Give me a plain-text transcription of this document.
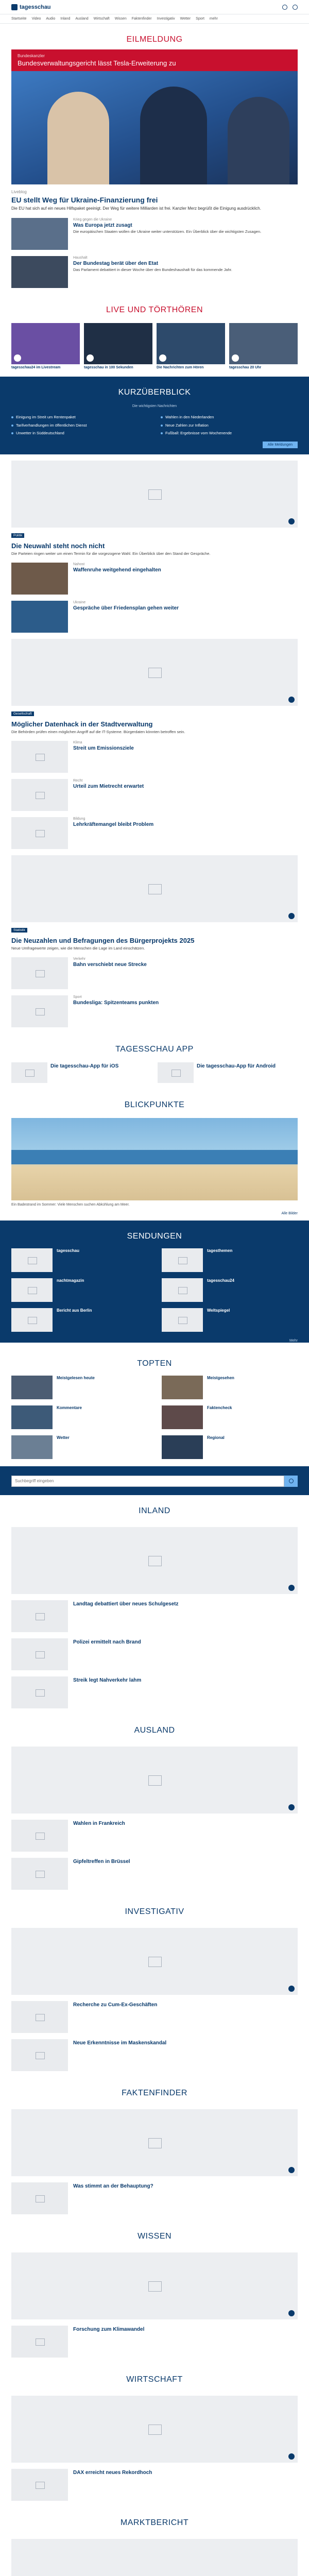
tagesschau
Startseite Video Audio Inland Ausland Wirtschaft Wissen Faktenfinder Investigativ Wetter Sport mehr
EILMELDUNG
Bundeskanzler
Bundesverwaltungsgericht lässt Tesla-Erweiterung zu
Liveblog
EU stellt Weg für Ukraine-Finanzierung frei
Die EU hat sich auf ein neues Hilfspaket geeinigt. Der Weg für weitere Milliarden ist frei. Kanzler Merz begrüßt die Einigung ausdrücklich.
Krieg gegen die Ukraine
Was Europa jetzt zusagt
Die europäischen Staaten wollen die Ukraine weiter unterstützen. Ein Überblick über die wichtigsten Zusagen.
Haushalt
Der Bundestag berät über den Etat
Das Parlament debattiert in dieser Woche über den Bundeshaushalt für das kommende Jahr.
LIVE UND TÖRTHÖREN
tagesschau24 im Livestream	tagesschau in 100 Sekunden	Die Nachrichten zum Hören	tagesschau 20 Uhr
KURZÜBERBLICK
Die wichtigsten Nachrichten
Einigung im Streit um Rentenpaket
Tarifverhandlungen im öffentlichen Dienst
Unwetter in Süddeutschland
Wahlen in den Niederlanden
Neue Zahlen zur Inflation
Fußball: Ergebnisse vom Wochenende
Alle Meldungen
Politik
Die Neuwahl steht noch nicht
Die Parteien ringen weiter um einen Termin für die vorgezogene Wahl. Ein Überblick über den Stand der Gespräche.
Nahost
Waffenruhe weitgehend eingehalten
Ukraine
Gespräche über Friedensplan gehen weiter
Gesellschaft
Möglicher Datenhack in der Stadtverwaltung
Die Behörden prüfen einen möglichen Angriff auf die IT-Systeme. Bürgerdaten könnten betroffen sein.
Klima
Streit um Emissionsziele
Recht
Urteil zum Mietrecht erwartet
Bildung
Lehrkräftemangel bleibt Problem
Statistik
Die Neuzahlen und Befragungen des Bürgerprojekts 2025
Neue Umfragewerte zeigen, wie die Menschen die Lage im Land einschätzen.
Verkehr
Bahn verschiebt neue Strecke
Sport
Bundesliga: Spitzenteams punkten
TAGESSCHAU APP
Die tagesschau-App für iOS	Die tagesschau-App für Android
BLICKPUNKTE
Ein Badestrand im Sommer: Viele Menschen suchen Abkühlung am Meer.
Alle Bilder
SENDUNGEN
tagesschau	tagesthemen
nachtmagazin	tagesschau24
Bericht aus Berlin	Weltspiegel
Mehr
TOPTEN
Meistgelesen heute	Meistgesehen
Kommentare	Faktencheck
Wetter	Regional
Suchbegriff eingeben
INLAND
Landtag debattiert über neues Schulgesetz
Polizei ermittelt nach Brand
Streik legt Nahverkehr lahm
AUSLAND
Wahlen in Frankreich
Gipfeltreffen in Brüssel
INVESTIGATIV
Recherche zu Cum-Ex-Geschäften
Neue Erkenntnisse im Maskenskandal
FAKTENFINDER
Was stimmt an der Behauptung?
WISSEN
Forschung zum Klimawandel
WIRTSCHAFT
DAX erreicht neues Rekordhoch
MARKTBERICHT
